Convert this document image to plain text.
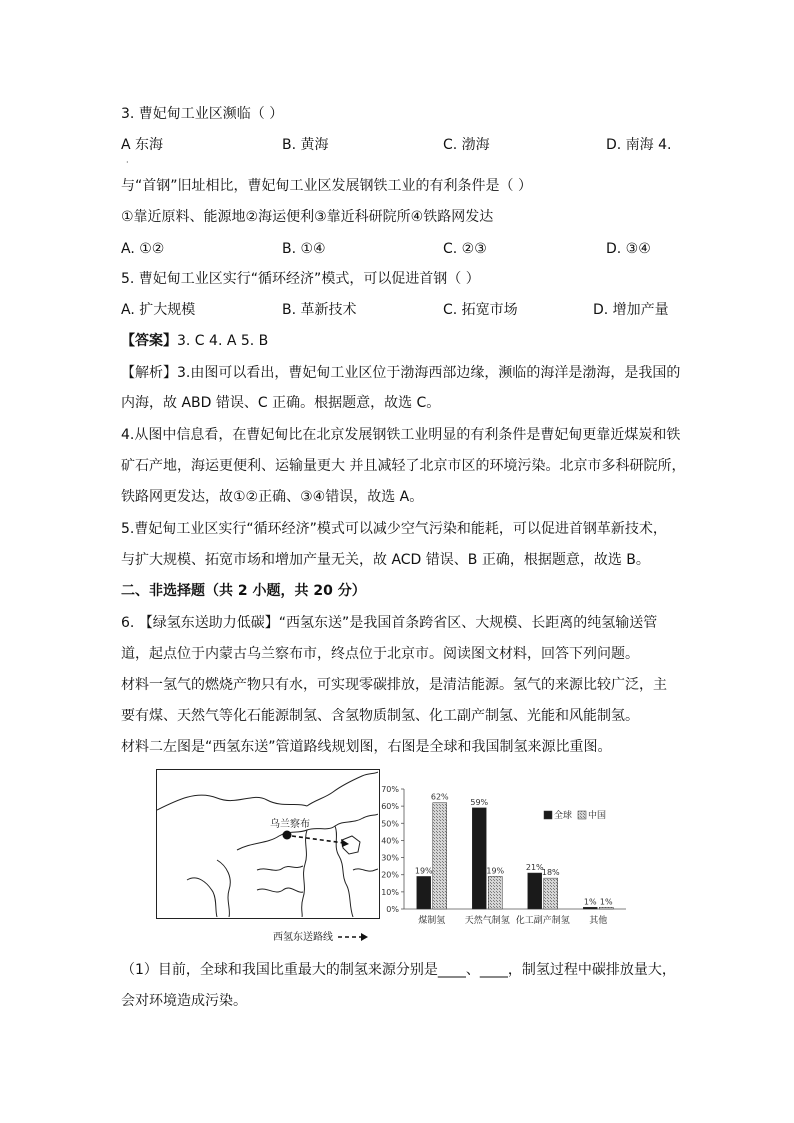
3. 曹妃甸工业区濒临（ ）
A 东海	B. 黄海	C. 渤海	D. 南海 4.
·
与“首钢”旧址相比，曹妃甸工业区发展钢铁工业的有利条件是（ ）
①靠近原料、能源地②海运便利③靠近科研院所④铁路网发达
A. ①②	B. ①④	C. ②③	D. ③④
5. 曹妃甸工业区实行“循环经济”模式，可以促进首钢（ ）
A. 扩大规模	B. 革新技术	C. 拓宽市场	D. 增加产量
【答案】3. C 4. A 5. B
【解析】3.由图可以看出，曹妃甸工业区位于渤海西部边缘，濒临的海洋是渤海，是我国的
内海，故 ABD 错误、C 正确。根据题意，故选 C。
4.从图中信息看，在曹妃甸比在北京发展钢铁工业明显的有利条件是曹妃甸更靠近煤炭和铁
矿石产地，海运更便利、运输量更大 并且减轻了北京市区的环境污染。北京市多科研院所，
铁路网更发达，故①②正确、③④错误，故选 A。
5.曹妃甸工业区实行“循环经济”模式可以减少空气污染和能耗，可以促进首钢革新技术，
与扩大规模、拓宽市场和增加产量无关，故 ACD 错误、B 正确，根据题意，故选 B。
二、非选择题（共 2 小题，共 20 分）
6. 【绿氢东送助力低碳】“西氢东送”是我国首条跨省区、大规模、长距离的纯氢输送管
道，起点位于内蒙古乌兰察布市，终点位于北京市。阅读图文材料，回答下列问题。
材料一氢气的燃烧产物只有水，可实现零碳排放，是清洁能源。氢气的来源比较广泛，主
要有煤、天然气等化石能源制氢、含氢物质制氢、化工副产制氢、光能和风能制氢。
材料二左图是“西氢东送”管道路线规划图，右图是全球和我国制氢来源比重图。
乌兰察布
西氢东送路线
0%
10%
20%
30%
40%
50%
60%
70%
19%
62%
59%
19%	21%
18%
1% 1%
煤制氢 天然气制氢 化工副产制氢 其他
全球 中国
（1）目前，全球和我国比重最大的制氢来源分别是____、____，制氢过程中碳排放量大，
会对环境造成污染。
